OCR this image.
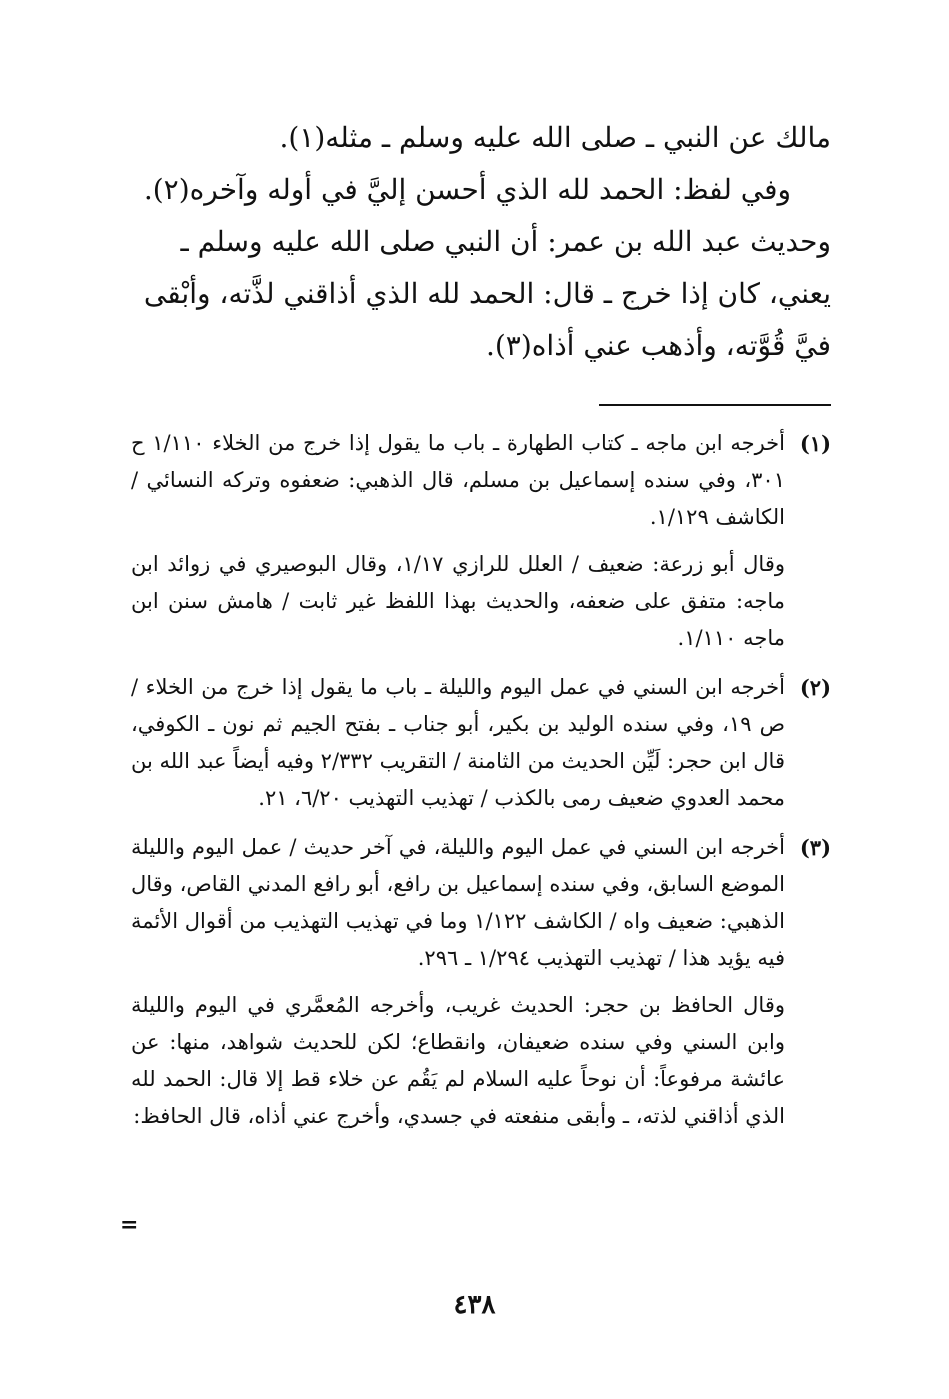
مالك عن النبي ـ صلى الله عليه وسلم ـ مثله(١).

وفي لفظ: الحمد لله الذي أحسن إليَّ في أوله وآخره(٢).

وحديث عبد الله بن عمر: أن النبي صلى الله عليه وسلم ـ يعني، كان إذا خرج ـ قال: الحمد لله الذي أذاقني لذَّته، وأبْقى فيَّ قُوَّته، وأذهب عني أذاه(٣).

(١)

أخرجه ابن ماجه ـ كتاب الطهارة ـ باب ما يقول إذا خرج من الخلاء ١/١١٠ ح ٣٠١، وفي سنده إسماعيل بن مسلم، قال الذهبي: ضعفوه وتركه النسائي / الكاشف ١/١٢٩.

وقال أبو زرعة: ضعيف / العلل للرازي ١/١٧، وقال البوصيري في زوائد ابن ماجه: متفق على ضعفه، والحديث بهذا اللفظ غير ثابت / هامش سنن ابن ماجه ١/١١٠.

(٢)

أخرجه ابن السني في عمل اليوم والليلة ـ باب ما يقول إذا خرج من الخلاء / ص ١٩، وفي سنده الوليد بن بكير، أبو جناب ـ بفتح الجيم ثم نون ـ الكوفي، قال ابن حجر: لَيِّن الحديث من الثامنة / التقريب ٢/٣٣٢ وفيه أيضاً عبد الله بن محمد العدوي ضعيف رمى بالكذب / تهذيب التهذيب ٦/٢٠، ٢١.

(٣)

أخرجه ابن السني في عمل اليوم والليلة، في آخر حديث / عمل اليوم والليلة الموضع السابق، وفي سنده إسماعيل بن رافع، أبو رافع المدني القاص، وقال الذهبي: ضعيف واه / الكاشف ١/١٢٢ وما في تهذيب التهذيب من أقوال الأئمة فيه يؤيد هذا / تهذيب التهذيب ١/٢٩٤ ـ ٢٩٦.

وقال الحافظ بن حجر: الحديث غريب، وأخرجه المُعمَّري في اليوم والليلة وابن السني وفي سنده ضعيفان، وانقطاع؛ لكن للحديث شواهد، منها: عن عائشة مرفوعاً: أن نوحاً عليه السلام لم يَقُم عن خلاء قط إلا قال: الحمد لله الذي أذاقني لذته، ـ وأبقى منفعته في جسدي، وأخرج عني أذاه، قال الحافظ:

=
٤٣٨
